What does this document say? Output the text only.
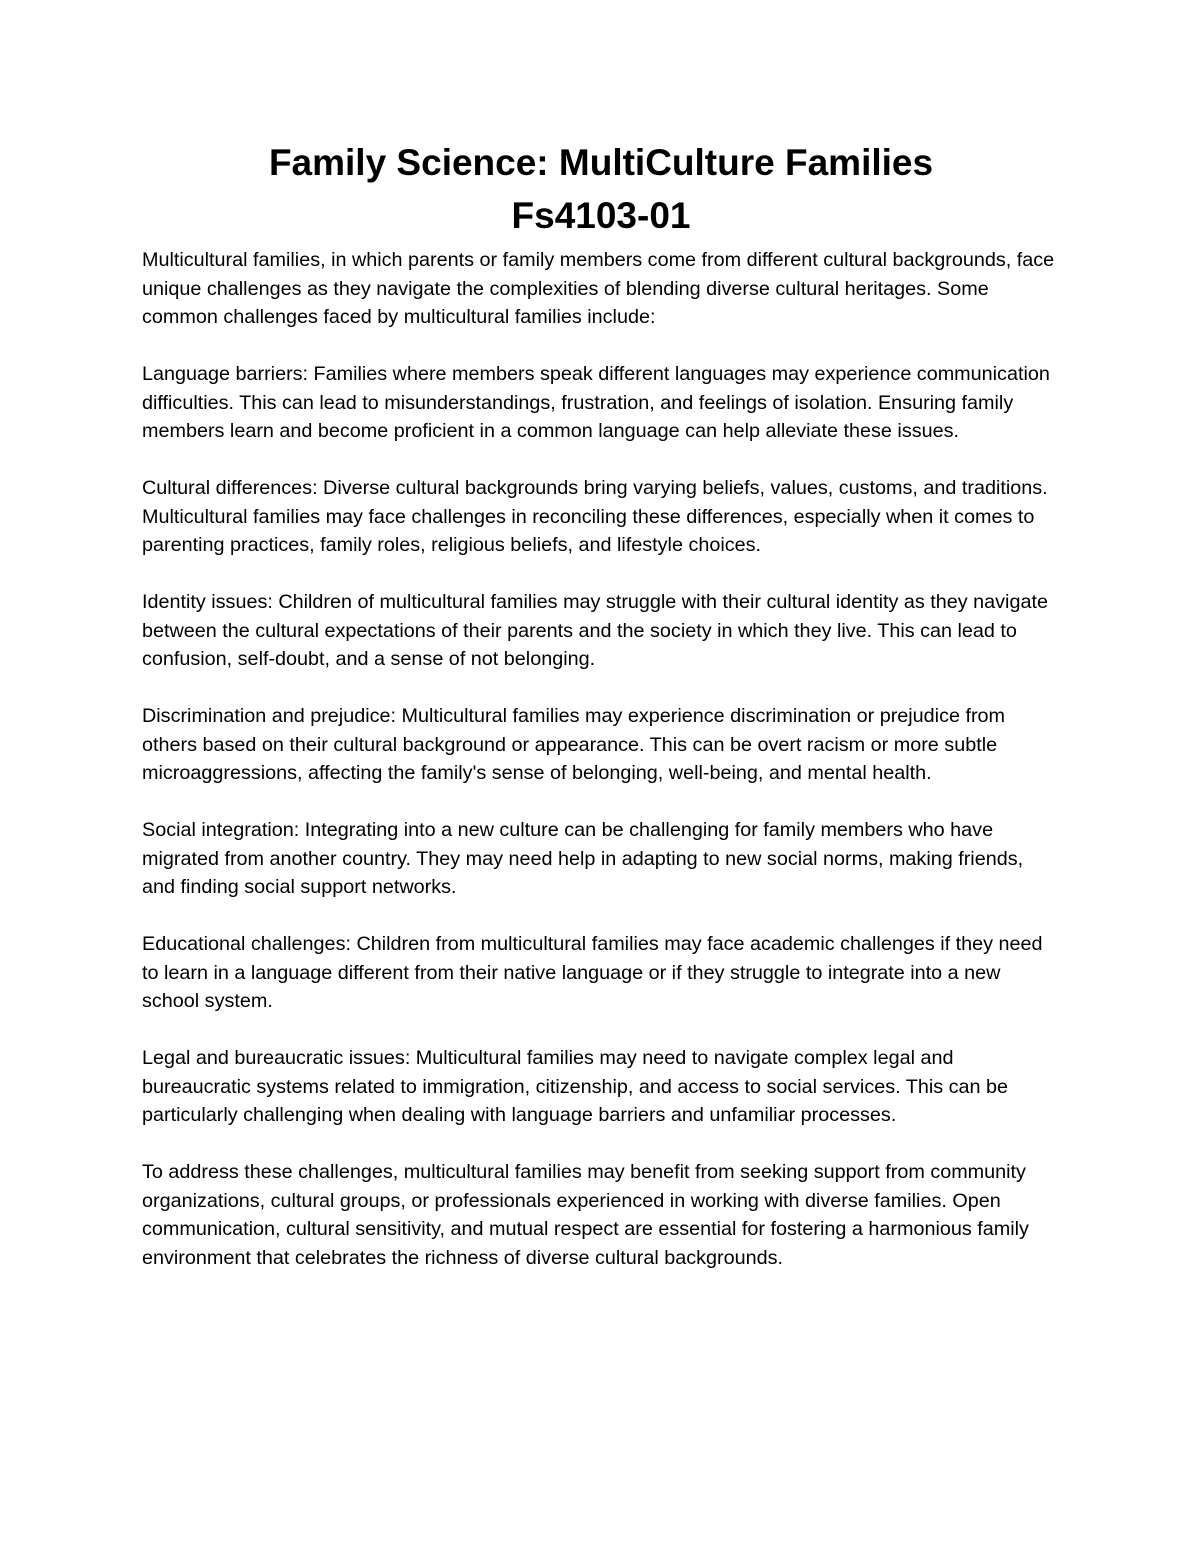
Family Science: MultiCulture Families
Fs4103-01

Multicultural families, in which parents or family members come from different cultural backgrounds, face unique challenges as they navigate the complexities of blending diverse cultural heritages. Some common challenges faced by multicultural families include:

Language barriers: Families where members speak different languages may experience communication difficulties. This can lead to misunderstandings, frustration, and feelings of isolation. Ensuring family members learn and become proficient in a common language can help alleviate these issues.

Cultural differences: Diverse cultural backgrounds bring varying beliefs, values, customs, and traditions. Multicultural families may face challenges in reconciling these differences, especially when it comes to parenting practices, family roles, religious beliefs, and lifestyle choices.

Identity issues: Children of multicultural families may struggle with their cultural identity as they navigate between the cultural expectations of their parents and the society in which they live. This can lead to confusion, self-doubt, and a sense of not belonging.

Discrimination and prejudice: Multicultural families may experience discrimination or prejudice from others based on their cultural background or appearance. This can be overt racism or more subtle microaggressions, affecting the family's sense of belonging, well-being, and mental health.

Social integration: Integrating into a new culture can be challenging for family members who have migrated from another country. They may need help in adapting to new social norms, making friends, and finding social support networks.

Educational challenges: Children from multicultural families may face academic challenges if they need to learn in a language different from their native language or if they struggle to integrate into a new school system.

Legal and bureaucratic issues: Multicultural families may need to navigate complex legal and bureaucratic systems related to immigration, citizenship, and access to social services. This can be particularly challenging when dealing with language barriers and unfamiliar processes.

To address these challenges, multicultural families may benefit from seeking support from community organizations, cultural groups, or professionals experienced in working with diverse families. Open communication, cultural sensitivity, and mutual respect are essential for fostering a harmonious family environment that celebrates the richness of diverse cultural backgrounds.
